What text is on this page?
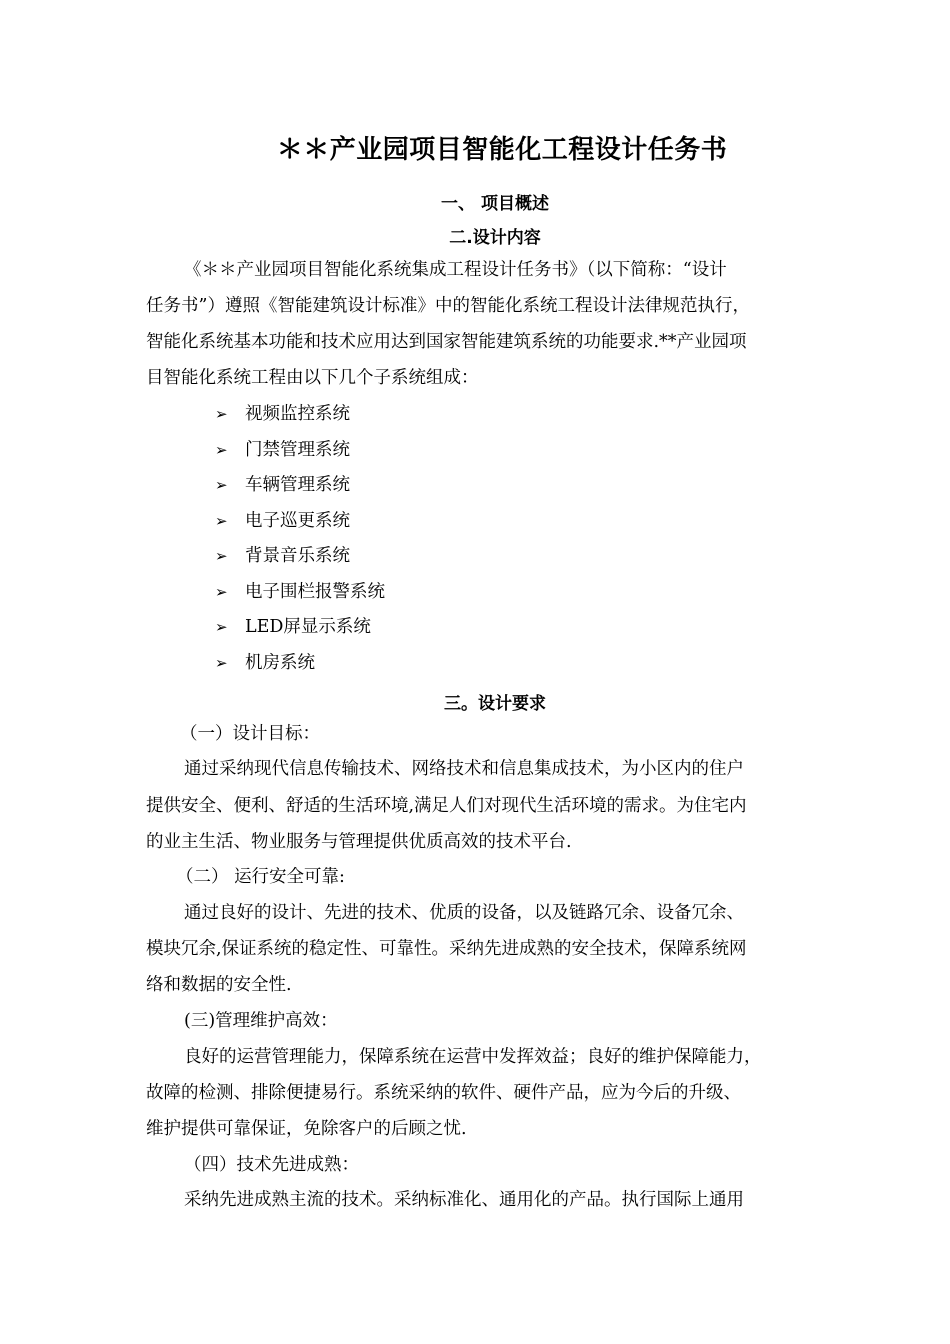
＊＊产业园项目智能化工程设计任务书
一、 项目概述
二.设计内容
《＊＊产业园项目智能化系统集成工程设计任务书》（以下简称：“设计
任务书”）遵照《智能建筑设计标准》中的智能化系统工程设计法律规范执行，
智能化系统基本功能和技术应用达到国家智能建筑系统的功能要求.**产业园项
目智能化系统工程由以下几个子系统组成：
➢ 视频监控系统
➢ 门禁管理系统
➢ 车辆管理系统
➢ 电子巡更系统
➢ 背景音乐系统
➢ 电子围栏报警系统
➢ LED屏显示系统
➢ 机房系统
三。设计要求
（一）设计目标：
通过采纳现代信息传输技术、网络技术和信息集成技术，为小区内的住户
提供安全、便利、舒适的生活环境,满足人们对现代生活环境的需求。为住宅内
的业主生活、物业服务与管理提供优质高效的技术平台.
（二） 运行安全可靠:
通过良好的设计、先进的技术、优质的设备，以及链路冗余、设备冗余、
模块冗余,保证系统的稳定性、可靠性。采纳先进成熟的安全技术，保障系统网
络和数据的安全性.
(三)管理维护高效：
良好的运营管理能力，保障系统在运营中发挥效益；良好的维护保障能力，
故障的检测、排除便捷易行。系统采纳的软件、硬件产品，应为今后的升级、
维护提供可靠保证，免除客户的后顾之忧.
（四）技术先进成熟：
采纳先进成熟主流的技术。采纳标准化、通用化的产品。执行国际上通用
